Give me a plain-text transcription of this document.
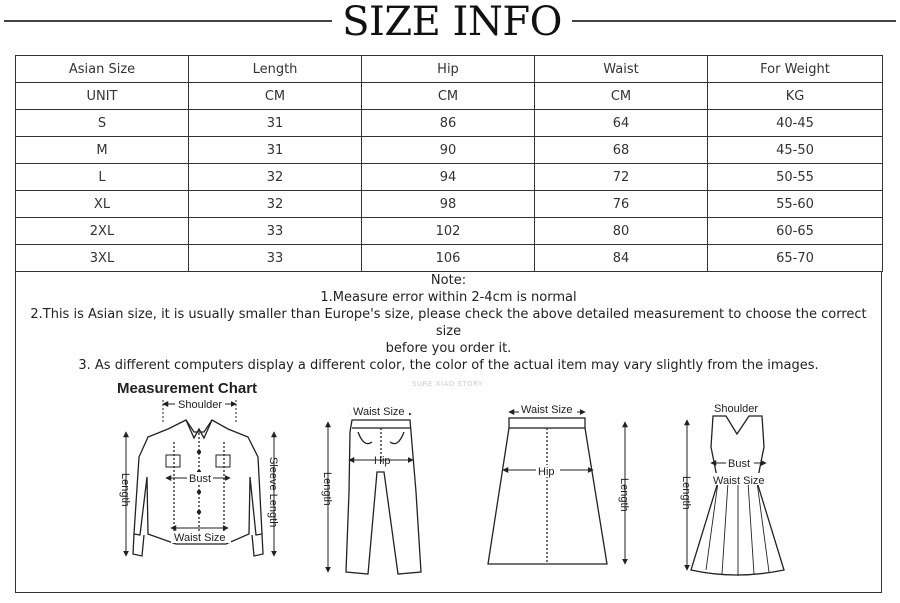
SIZE INFO
Asian Size	Length	Hip	Waist	For Weight
UNIT	CM	CM	CM	KG
S	31	86	64	40-45
M	31	90	68	45-50
L	32	94	72	50-55
XL	32	98	76	55-60
2XL	33	102	80	60-65
3XL	33	106	84	65-70
Note:
1.Measure error within 2-4cm is normal
2.This is Asian size, it is usually smaller than Europe's size, please check the above detailed measurement to choose the correct size
before you order it.
3. As different computers display a different color, the color of the actual item may vary slightly from the images.
Measurement Chart	SURE XIAO STORY
Shoulder
Bust
Waist Size
Length	Sleeve Length
Waist Size
Hip
Length
Waist Size
Hip
Length
Shoulder
Bust
Waist Size
Length
